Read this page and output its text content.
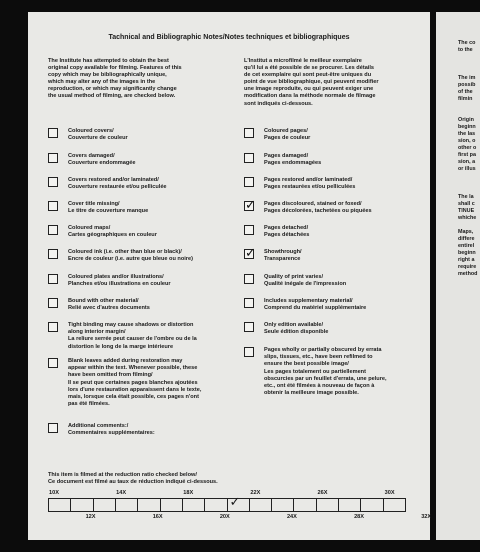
Tachnical and Bibliographic Notes/Notes techniques et bibliographiques
The Institute has attempted to obtain the best
original copy available for filming. Features of this
copy which may be bibliographically unique,
which may alter any of the images in the
reproduction, or which may significantly change
the usual method of filming, are checked below.
L'Institut a microfilmé le meilleur exemplaire
qu'il lui a été possible de se procurer. Les détails
de cet exemplaire qui sont peut-être uniques du
point de vue bibliographique, qui peuvent modifier
une image reproduite, ou qui peuvent exiger une
modification dans la méthode normale de filmage
sont indiqués ci-dessous.
Coloured covers/
Couverture de couleur
Covers damaged/
Couverture endommagée
Covers restored and/or laminated/
Couverture restaurée et/ou pelliculée
Cover title missing/
Le titre de couverture manque
Coloured maps/
Cartes géographiques en couleur
Coloured ink (i.e. other than blue or black)/
Encre de couleur (i.e. autre que bleue ou noire)
Coloured plates and/or illustrations/
Planches et/ou illustrations en couleur
Bound with other material/
Relié avec d'autres documents
Tight binding may cause shadows or distortion
along interior margin/
La reliure serrée peut causer de l'ombre ou de la
distortion le long de la marge intérieure
Blank leaves added during restoration may
appear within the text. Whenever possible, these
have been omitted from filming/
Il se peut que certaines pages blanches ajoutées
lors d'une restauration apparaissent dans le texte,
mais, lorsque cela était possible, ces pages n'ont
pas été filmées.
Additional comments:/
Commentaires supplémentaires:
Coloured pages/
Pages de couleur
Pages damaged/
Pages endommagées
Pages restored and/or laminated/
Pages restaurées et/ou pelliculées
✓ Pages discoloured, stained or foxed/
Pages décolorées, tachetées ou piquées
Pages detached/
Pages détachées
✓ Showthrough/
Transparence
Quality of print varies/
Qualité inégale de l'impression
Includes supplementary material/
Comprend du matériel supplémentaire
Only edition available/
Seule édition disponible
Pages wholly or partially obscured by errata
slips, tissues, etc., have been refilmed to
ensure the best possible image/
Les pages totalement ou partiellement
obscurcies par un feuillet d'errata, une pelure,
etc., ont été filmées à nouveau de façon à
obtenir la meilleure image possible.
This item is filmed at the reduction ratio checked below/
Ce document est filmé au taux de réduction indiqué ci-dessous.
✓
10X	14X	18X	22X	26X	30X
12X	16X	20X	24X	28X	32X
The co
to the

The im
possib
of the
filmin

Origin
beginn
the las
sion, o
other o
first pa
sion, a
or illus

The la
shall c
TINUE
whiche

Maps,
differe
entirel
beginn
right a
require
method
